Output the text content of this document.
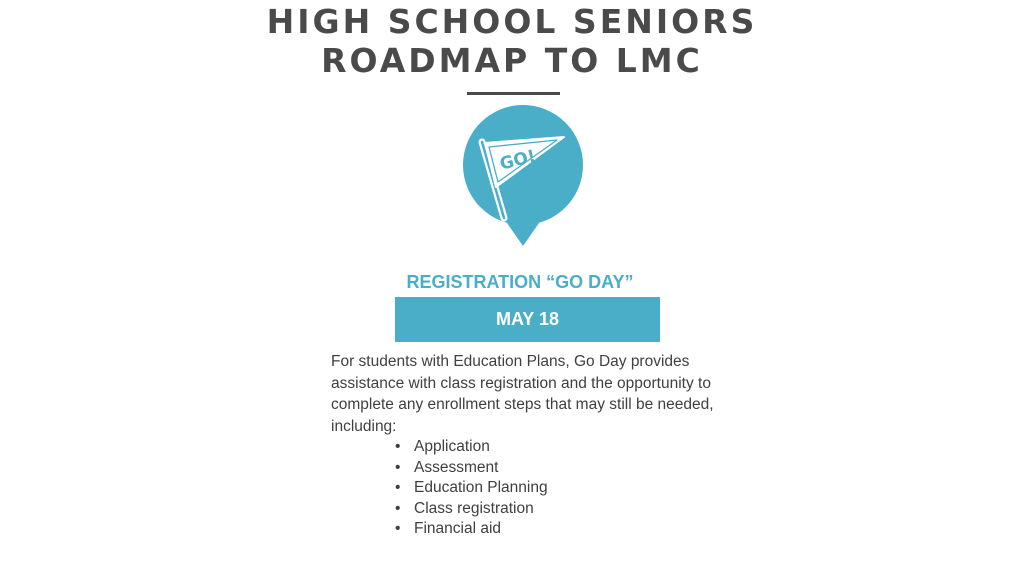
HIGH SCHOOL SENIORS
ROADMAP TO LMC
GO!
REGISTRATION “GO DAY”
MAY 18
For students with Education Plans, Go Day provides assistance with class registration and the opportunity to complete any enrollment steps that may still be needed, including:
• Application
• Assessment
• Education Planning
• Class registration
• Financial aid
